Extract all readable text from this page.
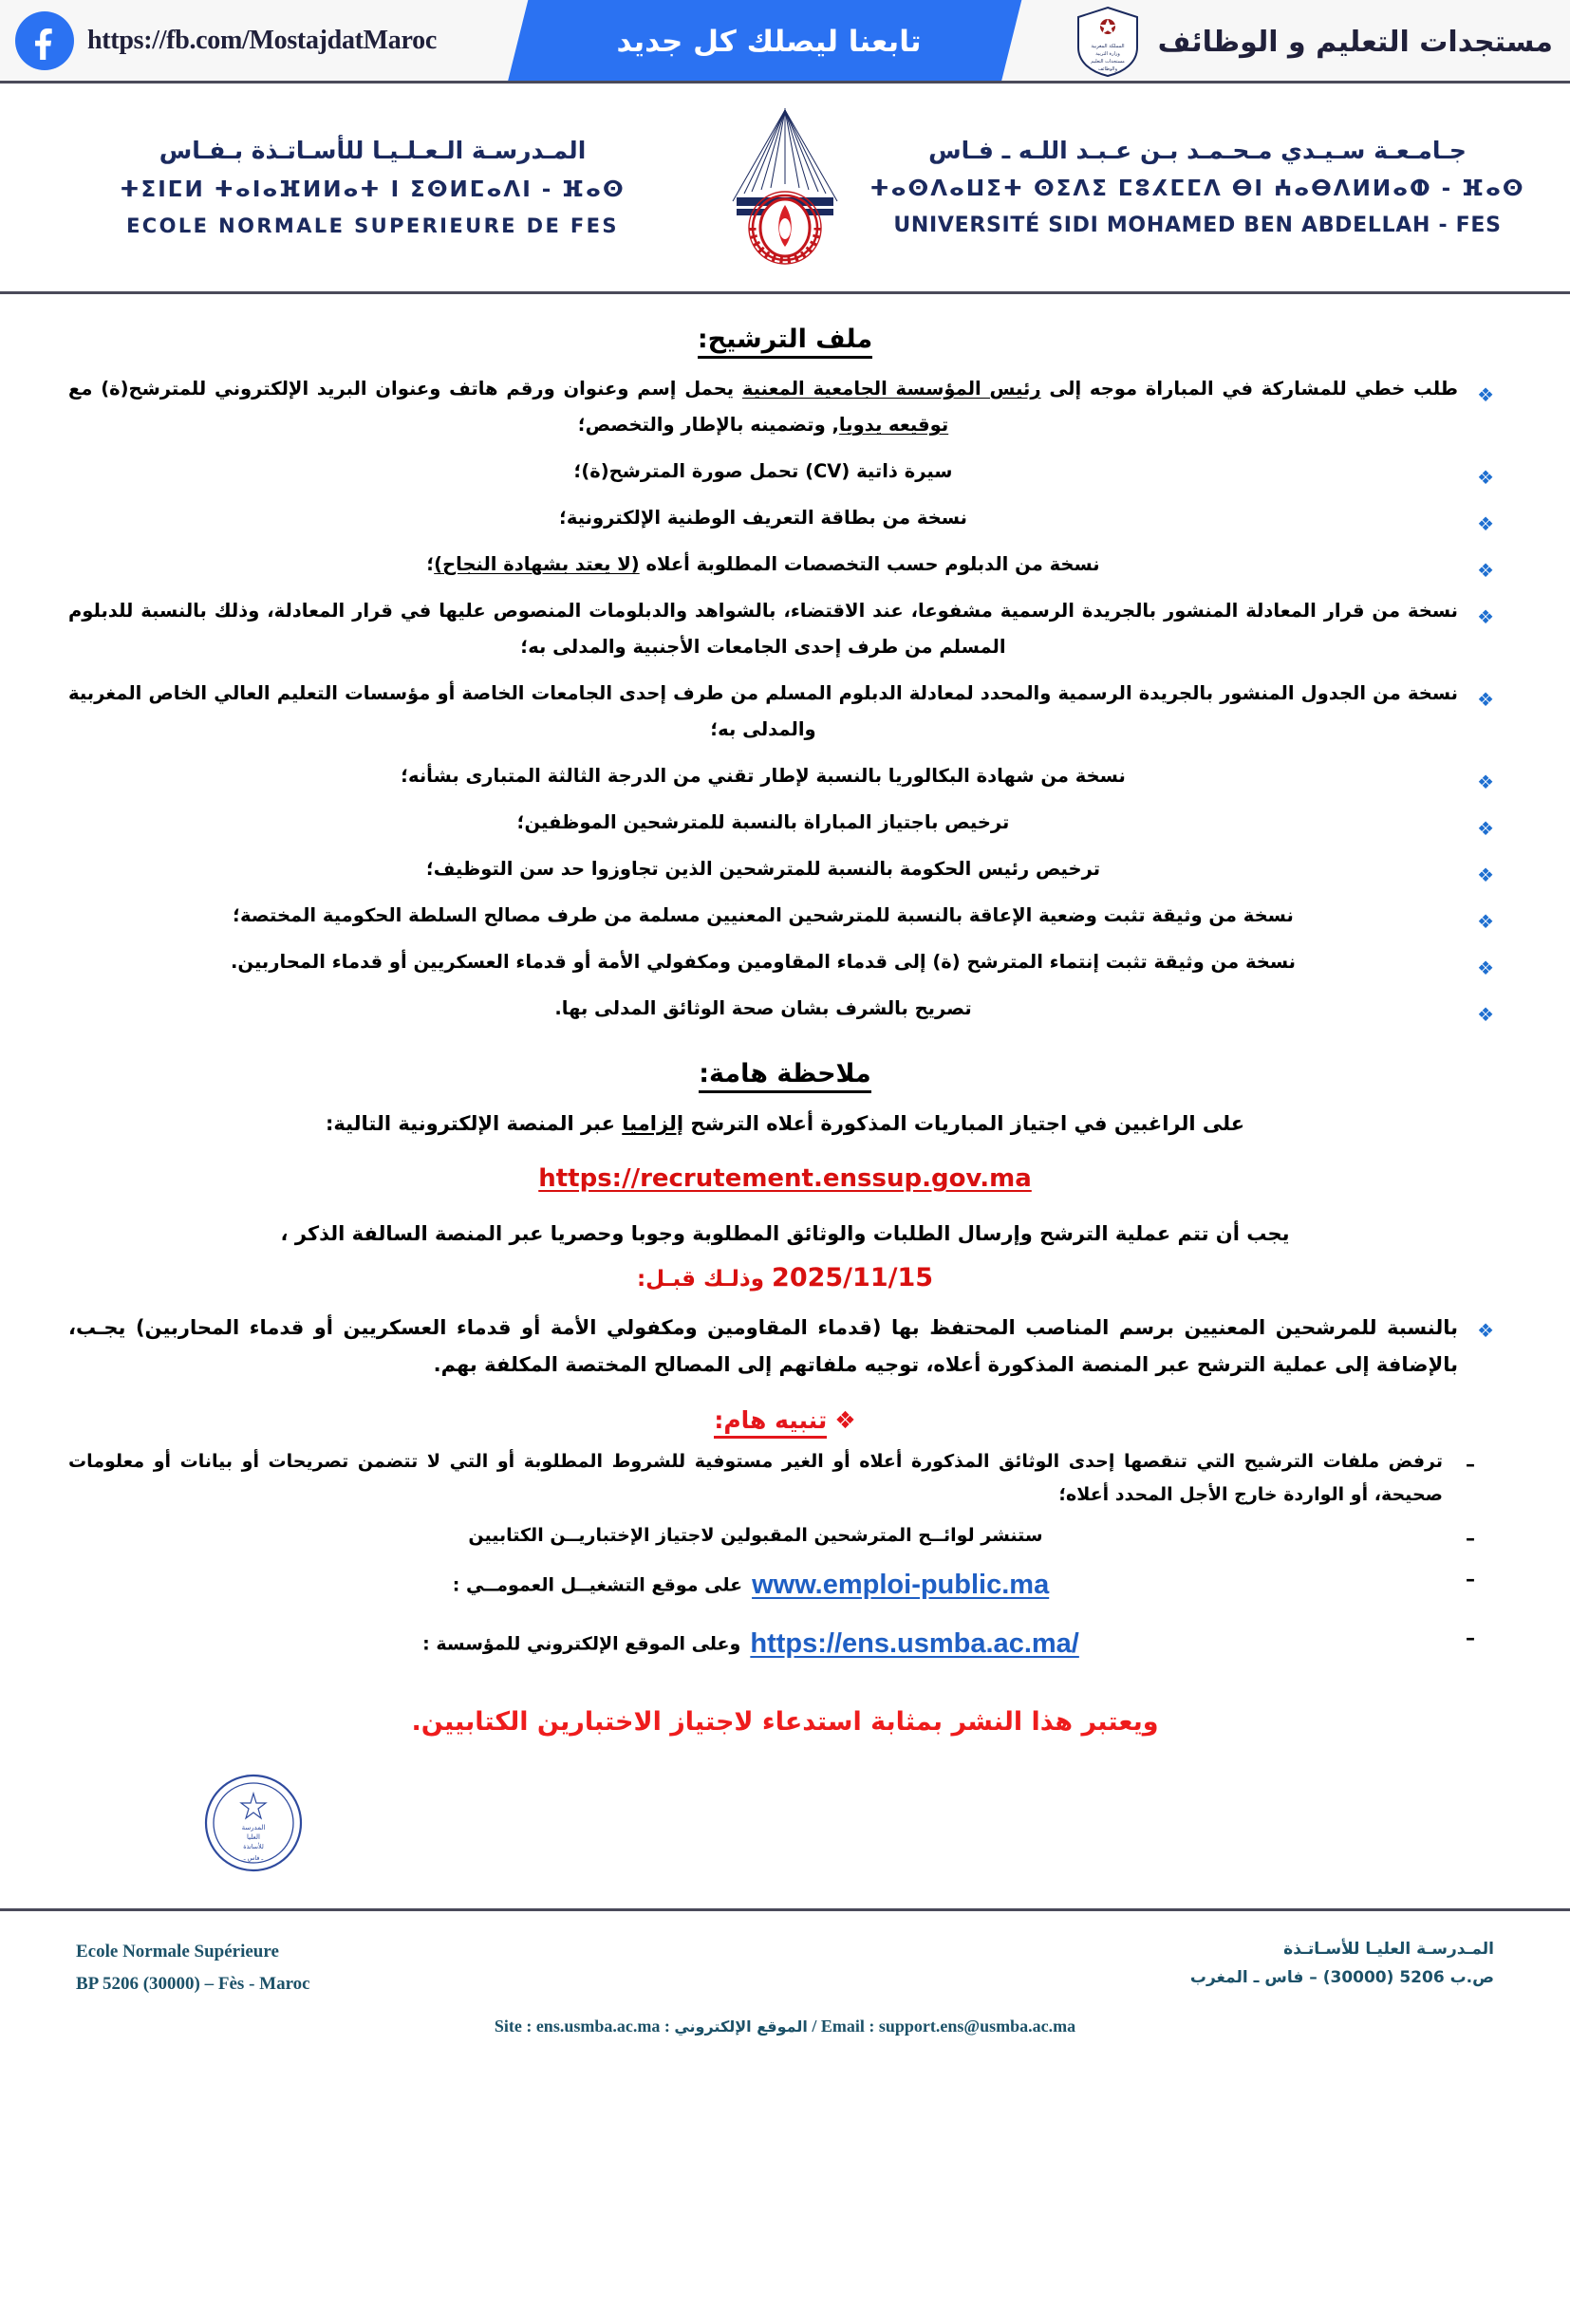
https://fb.com/MostajdatMaroc	تابعنا ليصلك كل جديد	مستجدات التعليم و الوظائف
المملكة المغربية
وزارة التربية
مستجدات التعليم
والوظائف
المـدرسـة الـعـلـيـا للأسـاتـذة بـفـاس
ⵜⵉⵏⵎⵍ ⵜⴰⵏⴰⴼⵍⵍⴰⵜ ⵏ ⵉⵙⵍⵎⴰⴷⵏ - ⴼⴰⵙ
ECOLE NORMALE SUPERIEURE DE FES
جـامـعـة سـيـدي مـحـمـد بـن عـبـد اللـه ـ فـاس
ⵜⴰⵙⴷⴰⵡⵉⵜ ⵙⵉⴷⵉ ⵎⵓⵃⵎⵎⴷ ⴱⵏ ⵄⴰⴱⴷⵍⵍⴰⵀ - ⴼⴰⵙ
UNIVERSITÉ SIDI MOHAMED BEN ABDELLAH - FES
ملف الترشيح:
❖ طلب خطي للمشاركة في المباراة موجه إلى رئيس المؤسسة الجامعية المعنية يحمل إسم وعنوان ورقم هاتف وعنوان البريد الإلكتروني للمترشح(ة) مع توقيعه يدويا, وتضمينه بالإطار والتخصص؛
❖ سيرة ذاتية (CV) تحمل صورة المترشح(ة)؛
❖ نسخة من بطاقة التعريف الوطنية الإلكترونية؛
❖ نسخة من الدبلوم حسب التخصصات المطلوبة أعلاه (لا يعتد بشهادة النجاح)؛
❖ نسخة من قرار المعادلة المنشور بالجريدة الرسمية مشفوعا، عند الاقتضاء، بالشواهد والدبلومات المنصوص عليها في قرار المعادلة، وذلك بالنسبة للدبلوم المسلم من طرف إحدى الجامعات الأجنبية والمدلى به؛
❖ نسخة من الجدول المنشور بالجريدة الرسمية والمحدد لمعادلة الدبلوم المسلم من طرف إحدى الجامعات الخاصة أو مؤسسات التعليم العالي الخاص المغربية والمدلى به؛
❖ نسخة من شهادة البكالوريا بالنسبة لإطار تقني من الدرجة الثالثة المتبارى بشأنه؛
❖ ترخيص باجتياز المباراة بالنسبة للمترشحين الموظفين؛
❖ ترخيص رئيس الحكومة بالنسبة للمترشحين الذين تجاوزوا حد سن التوظيف؛
❖ نسخة من وثيقة تثبت وضعية الإعاقة بالنسبة للمترشحين المعنيين مسلمة من طرف مصالح السلطة الحكومية المختصة؛
❖ نسخة من وثيقة تثبت إنتماء المترشح (ة) إلى قدماء المقاومين ومكفولي الأمة أو قدماء العسكريين أو قدماء المحاربين.
❖ تصريح بالشرف بشان صحة الوثائق المدلى بها.
ملاحظة هامة:
على الراغبين في اجتياز المباريات المذكورة أعلاه الترشح إلزاميا عبر المنصة الإلكترونية التالية:
https://recrutement.enssup.gov.ma
يجب أن تتم عملية الترشح وإرسال الطلبات والوثائق المطلوبة وجوبا وحصريا عبر المنصة السالفة الذكر ،
2025/11/15 وذلـك قبـل:
❖ بالنسبة للمرشحين المعنيين برسم المناصب المحتفظ بها (قدماء المقاومين ومكفولي الأمة أو قدماء العسكريين أو قدماء المحاربين) يجـب، بالإضافة إلى عملية الترشح عبر المنصة المذكورة أعلاه، توجيه ملفاتهم إلى المصالح المختصة المكلفة بهم.
❖تنبيه هام:
– ترفض ملفات الترشيح التي تنقصها إحدى الوثائق المذكورة أعلاه أو الغير مستوفية للشروط المطلوبة أو التي لا تتضمن تصريحات أو بيانات أو معلومات صحيحة، أو الواردة خارج الأجل المحدد أعلاه؛
– ستنشر لوائــح المترشحين المقبولين لاجتياز الإختباريــن الكتابيين
– www.emploi-public.maعلى موقع التشغيــل العمومــي :
– https://ens.usmba.ac.ma/وعلى الموقع الإلكتروني للمؤسسة :
ويعتبر هذا النشر بمثابة استدعاء لاجتياز الاختبارين الكتابيين.
المدرسة
العليا
للأساتذة
ـ فاس ـ
Ecole Normale Supérieure
BP 5206 (30000) – Fès - Maroc
المـدرسـة العليـا للأسـاتـذة
ص.ب 5206 (30000) – فاس ـ المغرب
Site : ens.usmba.ac.ma : الموقع الإلكتروني / Email : support.ens@usmba.ac.ma
